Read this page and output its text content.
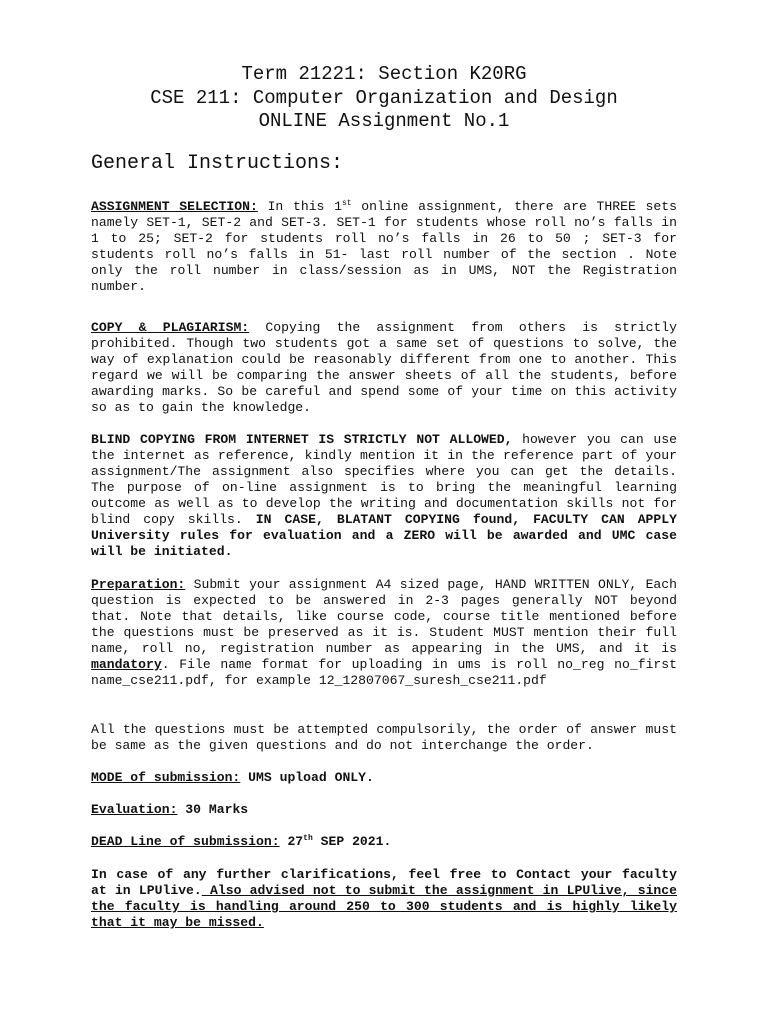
Term 21221: Section K20RG
CSE 211: Computer Organization and Design
ONLINE Assignment No.1
General Instructions:

ASSIGNMENT SELECTION: In this 1st online assignment, there are THREE sets namely SET-1, SET-2 and SET-3. SET-1 for students whose roll no’s falls in 1 to 25; SET-2 for students roll no’s falls in 26 to 50 ; SET-3 for students roll no’s falls in 51- last roll number of the section . Note only the roll number in class/session as in UMS, NOT the Registration number.

COPY & PLAGIARISM: Copying the assignment from others is strictly prohibited. Though two students got a same set of questions to solve, the way of explanation could be reasonably different from one to another. This regard we will be comparing the answer sheets of all the students, before awarding marks. So be careful and spend some of your time on this activity so as to gain the knowledge.

BLIND COPYING FROM INTERNET IS STRICTLY NOT ALLOWED, however you can use the internet as reference, kindly mention it in the reference part of your assignment/The assignment also specifies where you can get the details. The purpose of on-line assignment is to bring the meaningful learning outcome as well as to develop the writing and documentation skills not for blind copy skills. IN CASE, BLATANT COPYING found, FACULTY CAN APPLY University rules for evaluation and a ZERO will be awarded and UMC case will be initiated.

Preparation: Submit your assignment A4 sized page, HAND WRITTEN ONLY, Each question is expected to be answered in 2-3 pages generally NOT beyond that. Note that details, like course code, course title mentioned before the questions must be preserved as it is. Student MUST mention their full name, roll no, registration number as appearing in the UMS, and it is mandatory. File name format for uploading in ums is roll no_reg no_first name_cse211.pdf, for example 12_12807067_suresh_cse211.pdf

All the questions must be attempted compulsorily, the order of answer must be same as the given questions and do not interchange the order.

MODE of submission: UMS upload ONLY.

Evaluation: 30 Marks

DEAD Line of submission: 27th SEP 2021.

In case of any further clarifications, feel free to Contact your faculty at in LPUlive. Also advised not to submit the assignment in LPUlive, since the faculty is handling around 250 to 300 students and is highly likely that it may be missed.
